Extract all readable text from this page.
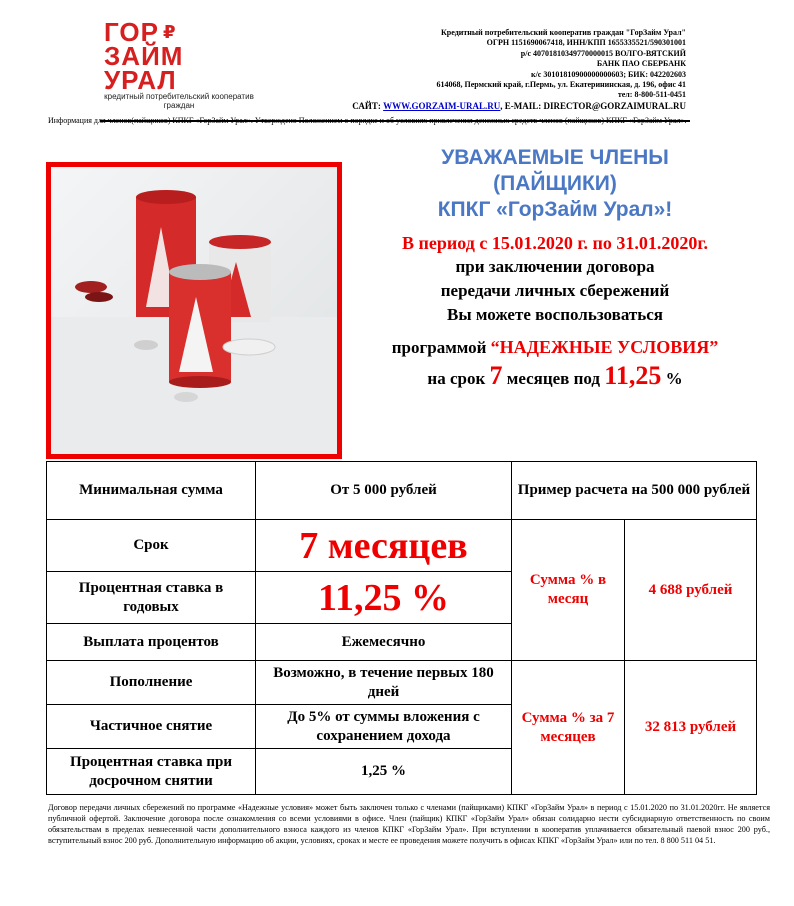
ГОР ₽
ЗАЙМ
УРАЛ
кредитный потребительский кооператив граждан
Кредитный потребительский кооператив граждан "ГорЗайм Урал"
ОГРН 1151690067418, ИНН/КПП 1655335521/590301001
р/с 40701810349770000015 ВОЛГО-ВЯТСКИЙ
БАНК ПАО СБЕРБАНК
к/с 30101810900000000603; БИК: 042202603
614068, Пермский край, г.Пермь, ул. Екатерининская, д. 196, офис 41
тел: 8-800-511-0451
САЙТ: WWW.GORZAIM-URAL.RU, E-MAIL: DIRECTOR@GORZAIMURAL.RU
Информация для членов(пайщиков) КПКГ «ГорЗайм Урал». Утверждено Положением о порядке и об условиях привлечения денежных средств членов (пайщиков) КПКГ «ГорЗайм Урал».
УВАЖАЕМЫЕ ЧЛЕНЫ
(ПАЙЩИКИ)
КПКГ «ГорЗайм Урал»!
В период с 15.01.2020 г. по 31.01.2020г.
при заключении договора
передачи личных сбережений
Вы можете воспользоваться
программой “НАДЕЖНЫЕ УСЛОВИЯ”
на срок 7 месяцев под 11,25 %
Минимальная сумма	От 5 000 рублей	Пример расчета на 500 000 рублей	
Срок	7 месяцев	Сумма % в месяц	4 688 рублей
Процентная ставка в годовых	11,25 %		
Выплата процентов	Ежемесячно		
Пополнение	Возможно, в течение первых 180 дней	Сумма % за 7 месяцев	32 813 рублей
Частичное снятие	До 5% от суммы вложения с сохранением дохода		
Процентная ставка при досрочном снятии	1,25 %		
Договор передачи личных сбережений по программе «Надежные условия» может быть заключен только с членами (пайщиками) КПКГ «ГорЗайм Урал» в период с 15.01.2020 по 31.01.2020гг. Не является публичной офертой. Заключение договора после ознакомления со всеми условиями в офисе. Член (пайщик) КПКГ «ГорЗайм Урал» обязан солидарно нести субсидиарную ответственность по своим обязательствам в пределах невнесенной части дополнительного взноса каждого из членов КПКГ «ГорЗайм Урал». При вступлении в кооператив уплачивается обязательный паевой взнос 200 руб., вступительный взнос 200 руб. Дополнительную информацию об акции, условиях, сроках и месте ее проведения можете получить в офисах КПКГ «ГорЗайм Урал» или по тел. 8 800 511 04 51.
